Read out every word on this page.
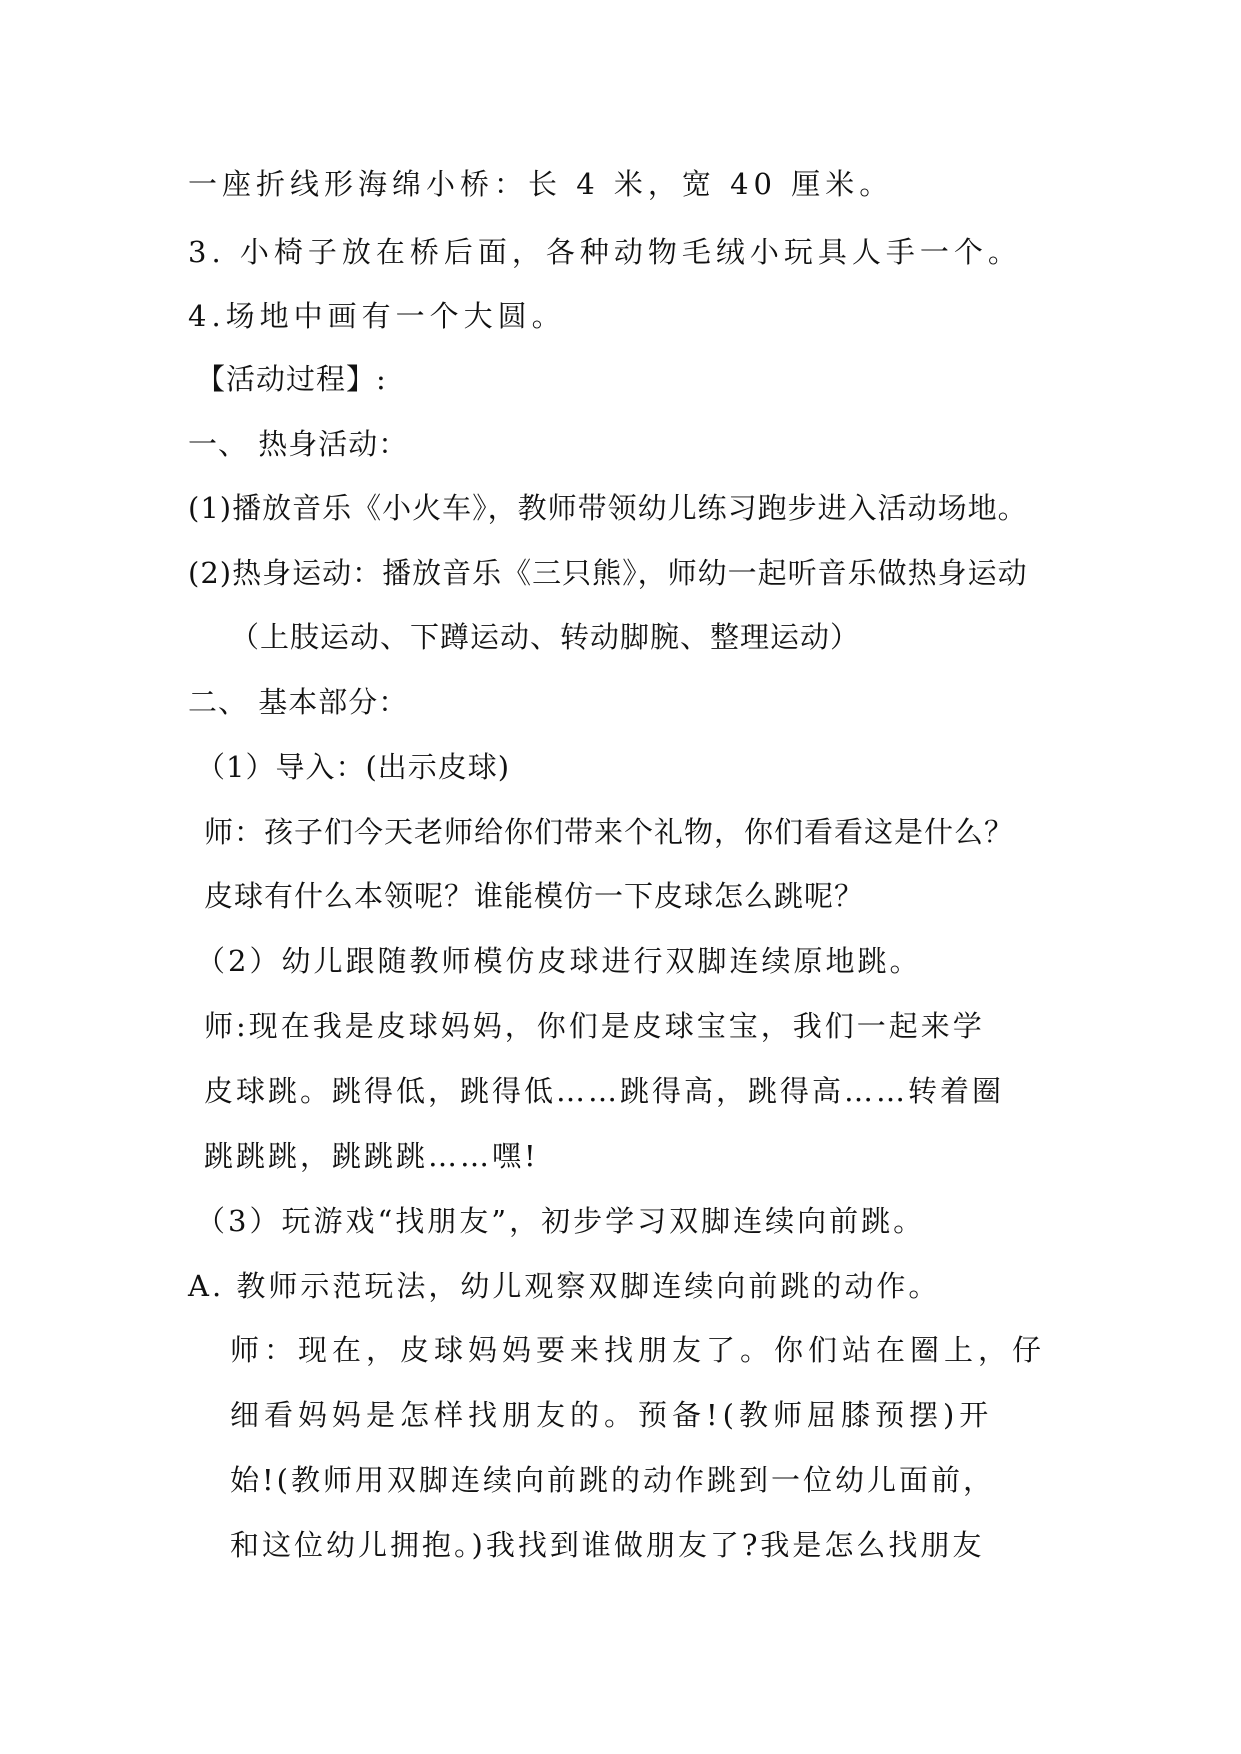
一座折线形海绵小桥：长 4 米，宽 40 厘米。
3. 小椅子放在桥后面，各种动物毛绒小玩具人手一个。
4.场地中画有一个大圆。
【活动过程】:
一、 热身活动：
(1)播放音乐《小火车》，教师带领幼儿练习跑步进入活动场地。
(2)热身运动：播放音乐《三只熊》，师幼一起听音乐做热身运动
（上肢运动、下蹲运动、转动脚腕、整理运动）
二、 基本部分：
（1）导入：(出示皮球)
师：孩子们今天老师给你们带来个礼物，你们看看这是什么？
皮球有什么本领呢？谁能模仿一下皮球怎么跳呢？
（2）幼儿跟随教师模仿皮球进行双脚连续原地跳。
师:现在我是皮球妈妈，你们是皮球宝宝，我们一起来学
皮球跳。跳得低，跳得低……跳得高，跳得高……转着圈
跳跳跳，跳跳跳……嘿!
（3）玩游戏“找朋友”，初步学习双脚连续向前跳。
A. 教师示范玩法，幼儿观察双脚连续向前跳的动作。
师：现在，皮球妈妈要来找朋友了。你们站在圈上，仔
细看妈妈是怎样找朋友的。预备!(教师屈膝预摆)开
始!(教师用双脚连续向前跳的动作跳到一位幼儿面前，
和这位幼儿拥抱。)我找到谁做朋友了?我是怎么找朋友
